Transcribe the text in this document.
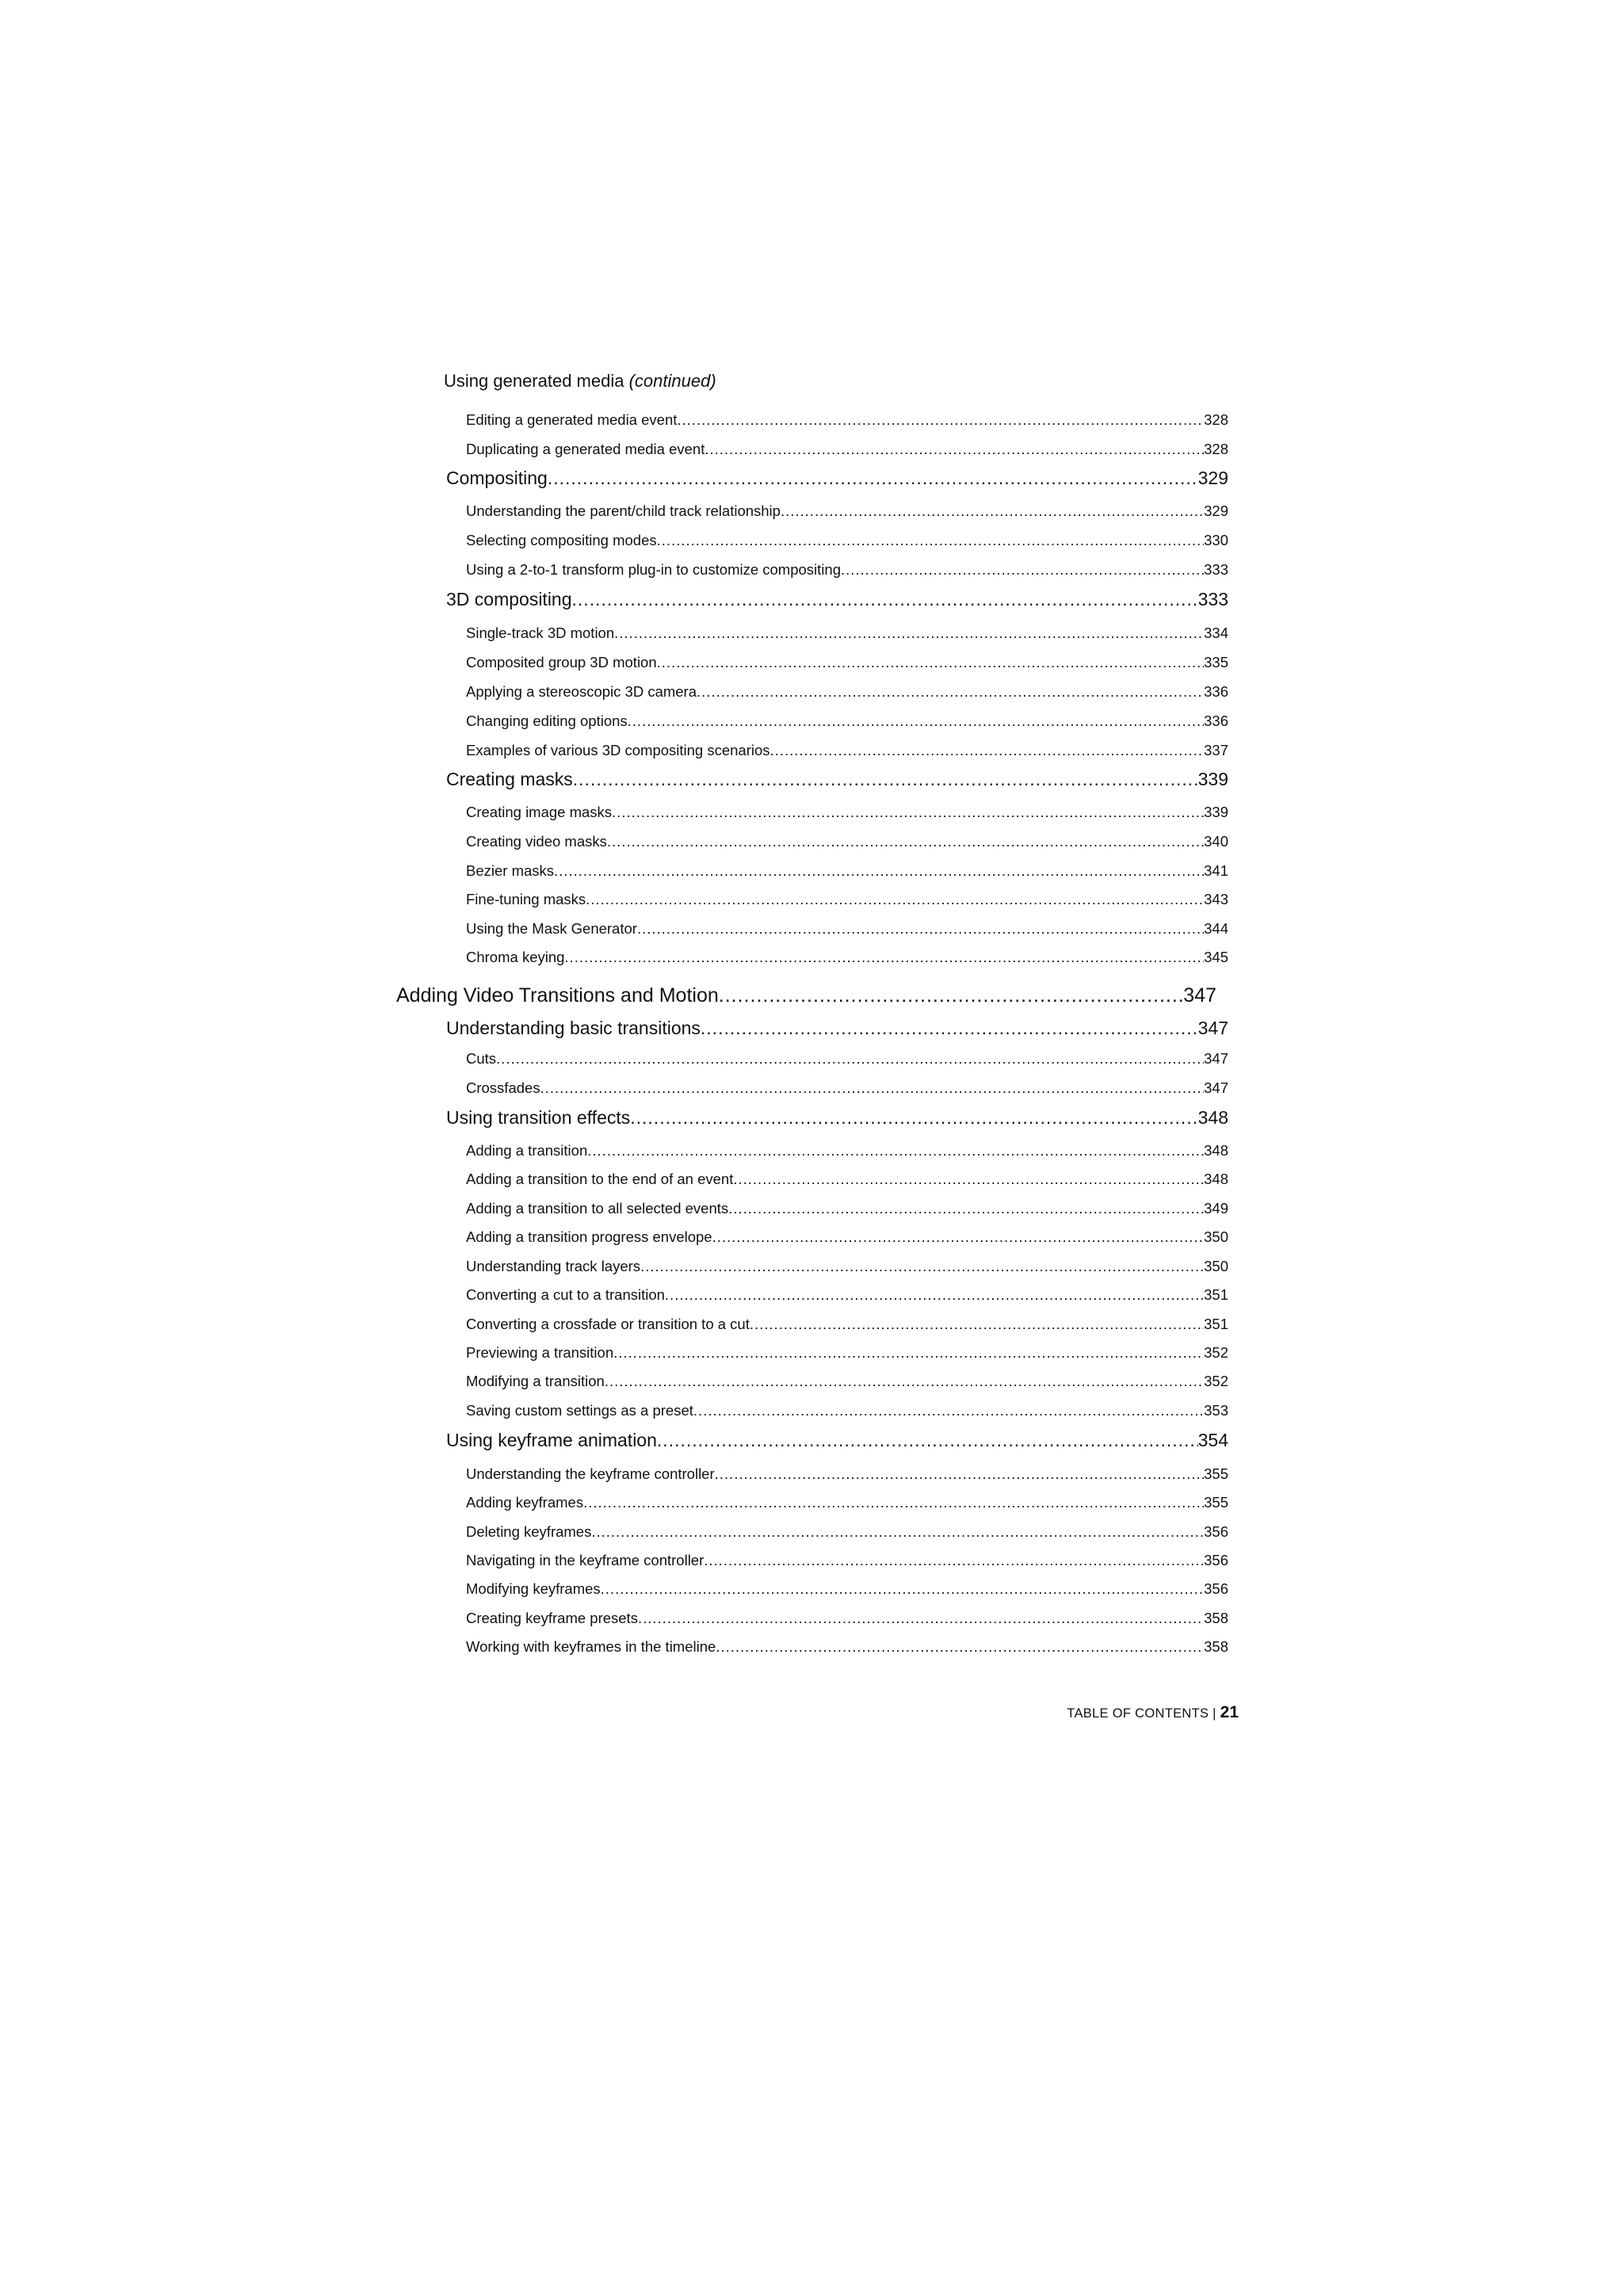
Using generated media (continued)
Editing a generated media event .....	328
Duplicating a generated media event .....	328
Compositing .....	329
Understanding the parent/child track relationship .....	329
Selecting compositing modes .....	330
Using a 2-to-1 transform plug-in to customize compositing .....	333
3D compositing .....	333
Single-track 3D motion .....	334
Composited group 3D motion .....	335
Applying a stereoscopic 3D camera .....	336
Changing editing options .....	336
Examples of various 3D compositing scenarios .....	337
Creating masks .....	339
Creating image masks .....	339
Creating video masks .....	340
Bezier masks .....	341
Fine-tuning masks .....	343
Using the Mask Generator .....	344
Chroma keying .....	345
Adding Video Transitions and Motion .....	347
Understanding basic transitions .....	347
Cuts .....	347
Crossfades .....	347
Using transition effects .....	348
Adding a transition .....	348
Adding a transition to the end of an event .....	348
Adding a transition to all selected events .....	349
Adding a transition progress envelope .....	350
Understanding track layers .....	350
Converting a cut to a transition .....	351
Converting a crossfade or transition to a cut .....	351
Previewing a transition .....	352
Modifying a transition .....	352
Saving custom settings as a preset .....	353
Using keyframe animation .....	354
Understanding the keyframe controller .....	355
Adding keyframes .....	355
Deleting keyframes .....	356
Navigating in the keyframe controller .....	356
Modifying keyframes .....	356
Creating keyframe presets .....	358
Working with keyframes in the timeline .....	358
TABLE OF CONTENTS | 21
